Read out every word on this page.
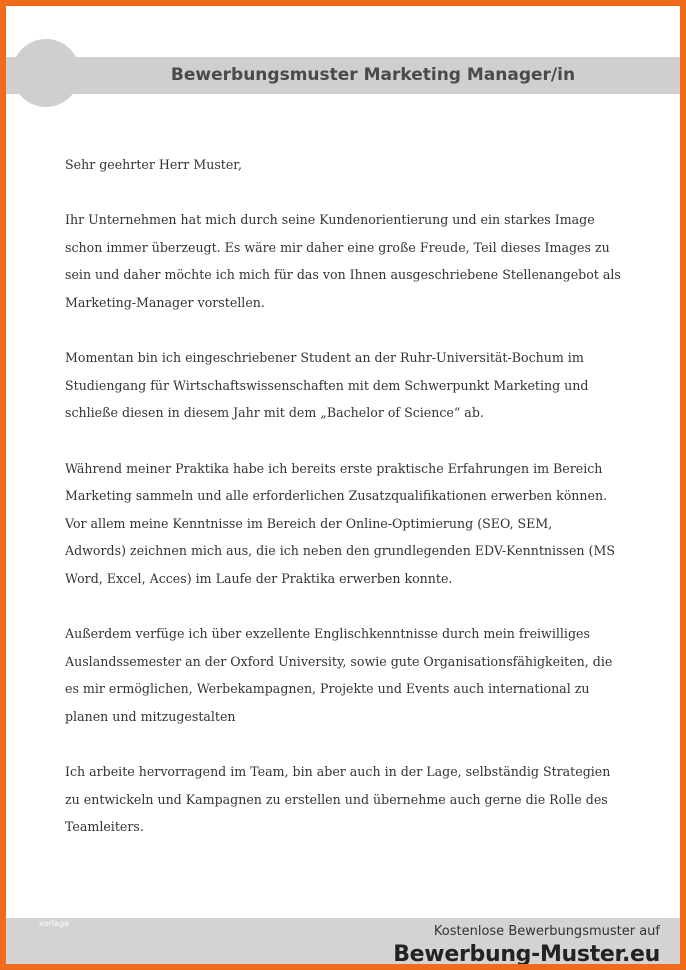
Bewerbungsmuster Marketing Manager/in

Sehr geehrter Herr Muster,

Ihr Unternehmen hat mich durch seine Kundenorientierung und ein starkes Image
schon immer überzeugt. Es wäre mir daher eine große Freude, Teil dieses Images zu
sein und daher möchte ich mich für das von Ihnen ausgeschriebene Stellenangebot als
Marketing-Manager vorstellen.

Momentan bin ich eingeschriebener Student an der Ruhr-Universität-Bochum im
Studiengang für Wirtschaftswissenschaften mit dem Schwerpunkt Marketing und
schließe diesen in diesem Jahr mit dem „Bachelor of Science“ ab.

Während meiner Praktika habe ich bereits erste praktische Erfahrungen im Bereich
Marketing sammeln und alle erforderlichen Zusatzqualifikationen erwerben können.
Vor allem meine Kenntnisse im Bereich der Online-Optimierung (SEO, SEM,
Adwords) zeichnen mich aus, die ich neben den grundlegenden EDV-Kenntnissen (MS
Word, Excel, Acces) im Laufe der Praktika erwerben konnte.

Außerdem verfüge ich über exzellente Englischkenntnisse durch mein freiwilliges
Auslandssemester an der Oxford University, sowie gute Organisationsfähigkeiten, die
es mir ermöglichen, Werbekampagnen, Projekte und Events auch international zu
planen und mitzugestalten

Ich arbeite hervorragend im Team, bin aber auch in der Lage, selbständig Strategien
zu entwickeln und Kampagnen zu erstellen und übernehme auch gerne die Rolle des
Teamleiters.

vorlage
Kostenlose Bewerbungsmuster auf
Bewerbung-Muster.eu
